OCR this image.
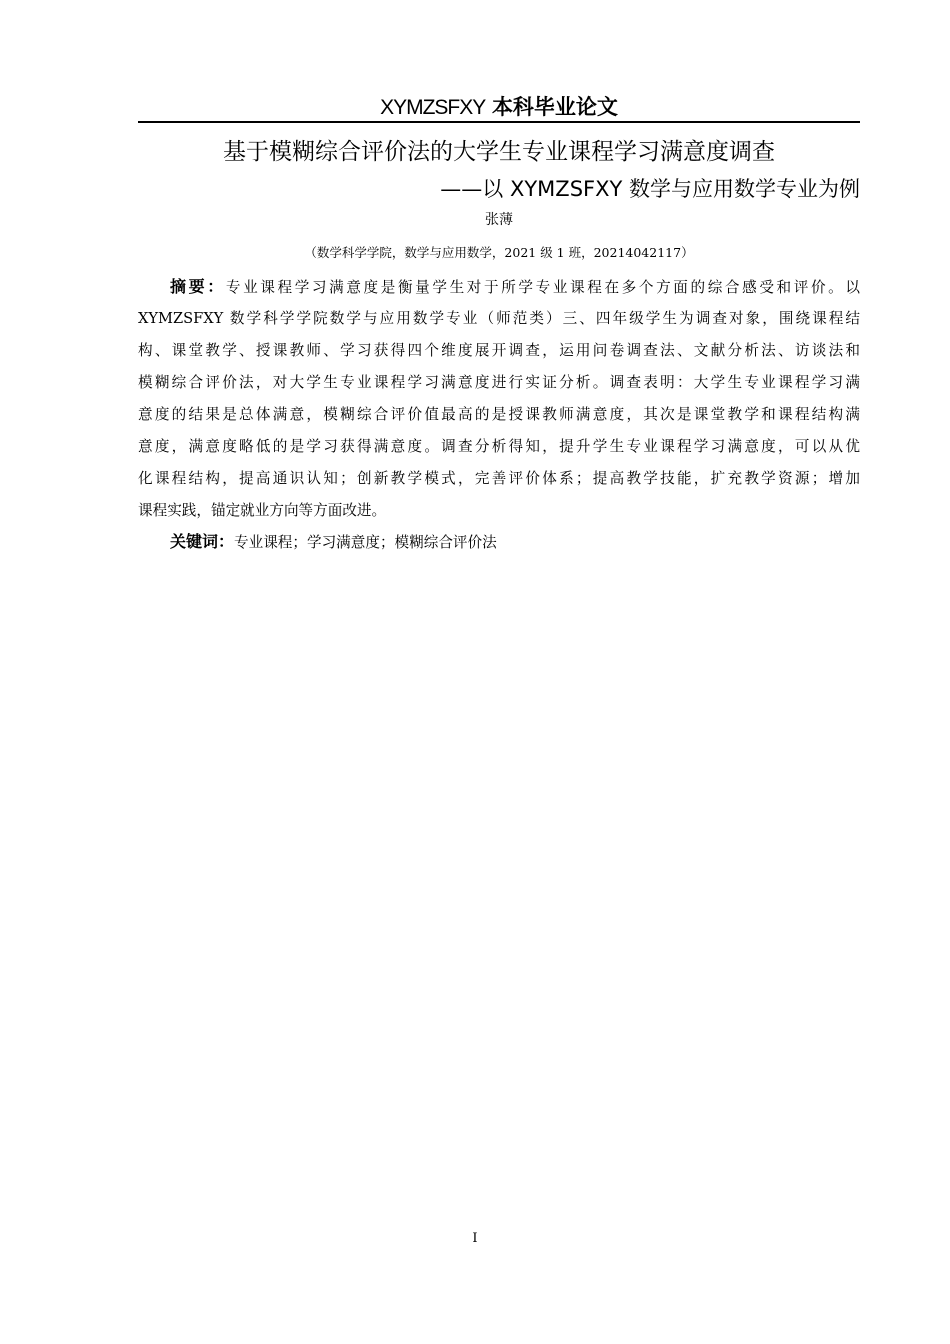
XYMZSFXY 本科毕业论文
基于模糊综合评价法的大学生专业课程学习满意度调查
——以 XYMZSFXY 数学与应用数学专业为例
张薄
（数学科学学院，数学与应用数学，2021 级 1 班，20214042117）
摘要：专业课程学习满意度是衡量学生对于所学专业课程在多个方面的综合感受和评价。以
XYMZSFXY 数学科学学院数学与应用数学专业（师范类）三、四年级学生为调查对象，围绕课程结
构、课堂教学、授课教师、学习获得四个维度展开调查，运用问卷调查法、文献分析法、访谈法和
模糊综合评价法，对大学生专业课程学习满意度进行实证分析。调查表明：大学生专业课程学习满
意度的结果是总体满意，模糊综合评价值最高的是授课教师满意度，其次是课堂教学和课程结构满
意度，满意度略低的是学习获得满意度。调查分析得知，提升学生专业课程学习满意度，可以从优
化课程结构，提高通识认知；创新教学模式，完善评价体系；提高教学技能，扩充教学资源；增加
课程实践，锚定就业方向等方面改进。
关键词：专业课程；学习满意度；模糊综合评价法
I
